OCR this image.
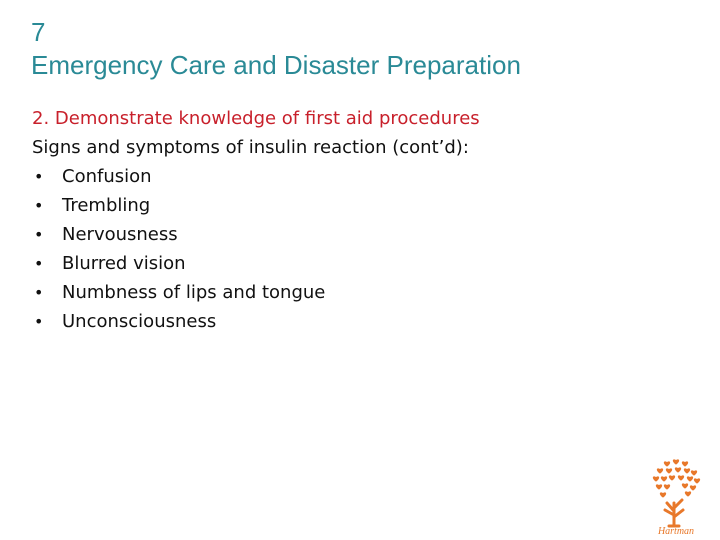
7
Emergency Care and Disaster Preparation
2. Demonstrate knowledge of first aid procedures
Signs and symptoms of insulin reaction (cont’d):
• Confusion
• Trembling
• Nervousness
• Blurred vision
• Numbness of lips and tongue
• Unconsciousness
Hartman
